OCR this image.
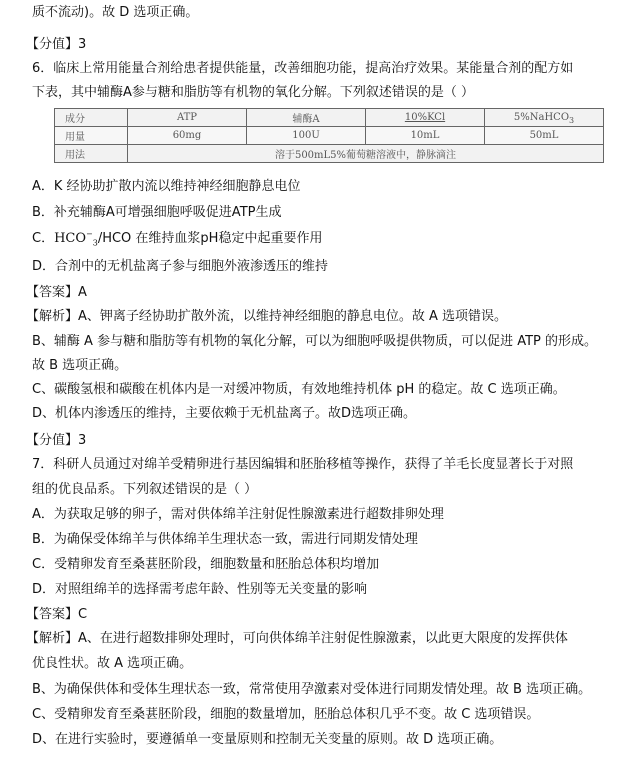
质不流动)。故 D 选项正确。
【分值】3
6．临床上常用能量合剂给患者提供能量，改善细胞功能，提高治疗效果。某能量合剂的配方如
下表，其中辅酶A参与糖和脂肪等有机物的氧化分解。下列叙述错误的是（ ）
成分	ATP	辅酶A	10%KCl	5%NaHCO$_3$
用量	60mg	100U	10mL	50mL
用法	溶于500mL5%葡萄糖溶液中，静脉滴注			
A．K 经协助扩散内流以维持神经细胞静息电位
B．补充辅酶A可增强细胞呼吸促进ATP生成
C．$HCO^-_3$/HCO 在维持血浆pH稳定中起重要作用
D．合剂中的无机盐离子参与细胞外液渗透压的维持
【答案】A
【解析】A、钾离子经协助扩散外流，以维持神经细胞的静息电位。故 A 选项错误。
B、辅酶 A 参与糖和脂肪等有机物的氧化分解，可以为细胞呼吸提供物质，可以促进 ATP 的形成。
故 B 选项正确。
C、碳酸氢根和碳酸在机体内是一对缓冲物质，有效地维持机体 pH 的稳定。故 C 选项正确。
D、机体内渗透压的维持，主要依赖于无机盐离子。故D选项正确。
【分值】3
7．科研人员通过对绵羊受精卵进行基因编辑和胚胎移植等操作，获得了羊毛长度显著长于对照
组的优良品系。下列叙述错误的是（ ）
A．为获取足够的卵子，需对供体绵羊注射促性腺激素进行超数排卵处理
B．为确保受体绵羊与供体绵羊生理状态一致，需进行同期发情处理
C．受精卵发育至桑葚胚阶段，细胞数量和胚胎总体积均增加
D．对照组绵羊的选择需考虑年龄、性别等无关变量的影响
【答案】C
【解析】A、在进行超数排卵处理时，可向供体绵羊注射促性腺激素，以此更大限度的发挥供体
优良性状。故 A 选项正确。
B、为确保供体和受体生理状态一致，常常使用孕激素对受体进行同期发情处理。故 B 选项正确。
C、受精卵发育至桑葚胚阶段，细胞的数量增加，胚胎总体积几乎不变。故 C 选项错误。
D、在进行实验时，要遵循单一变量原则和控制无关变量的原则。故 D 选项正确。
